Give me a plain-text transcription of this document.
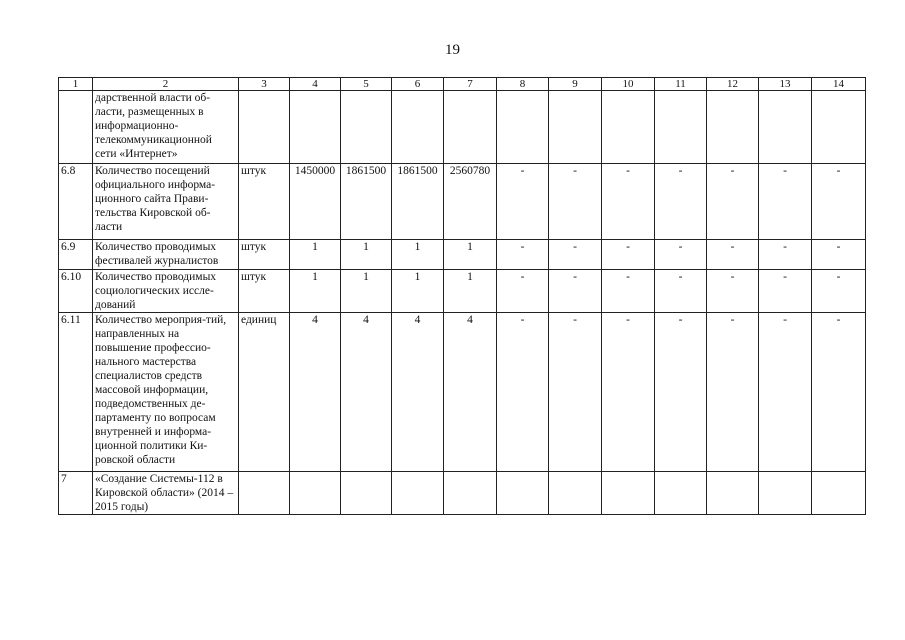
19
1	2	3	4	5	6	7	8	9	10	11	12	13	14
	дарственной власти об-ласти, размещенных в информационно-телекоммуникационной сети «Интернет»												
6.8	Количество посещений официального информа-ционного сайта Прави-тельства Кировской об-ласти	штук	1450000	1861500	1861500	2560780	-	-	-	-	-	-	-
6.9	Количество проводимых фестивалей журналистов	штук	1	1	1	1	-	-	-	-	-	-	-
6.10	Количество проводимых социологических иссле-дований	штук	1	1	1	1	-	-	-	-	-	-	-
6.11	Количество мероприя-тий, направленных на повышение профессио-нального мастерства специалистов средств массовой информации, подведомственных де-партаменту по вопросам внутренней и информа-ционной политики Ки-ровской области	единиц	4	4	4	4	-	-	-	-	-	-	-
7	«Создание Системы-112 в Кировской области» (2014 – 2015 годы)												
